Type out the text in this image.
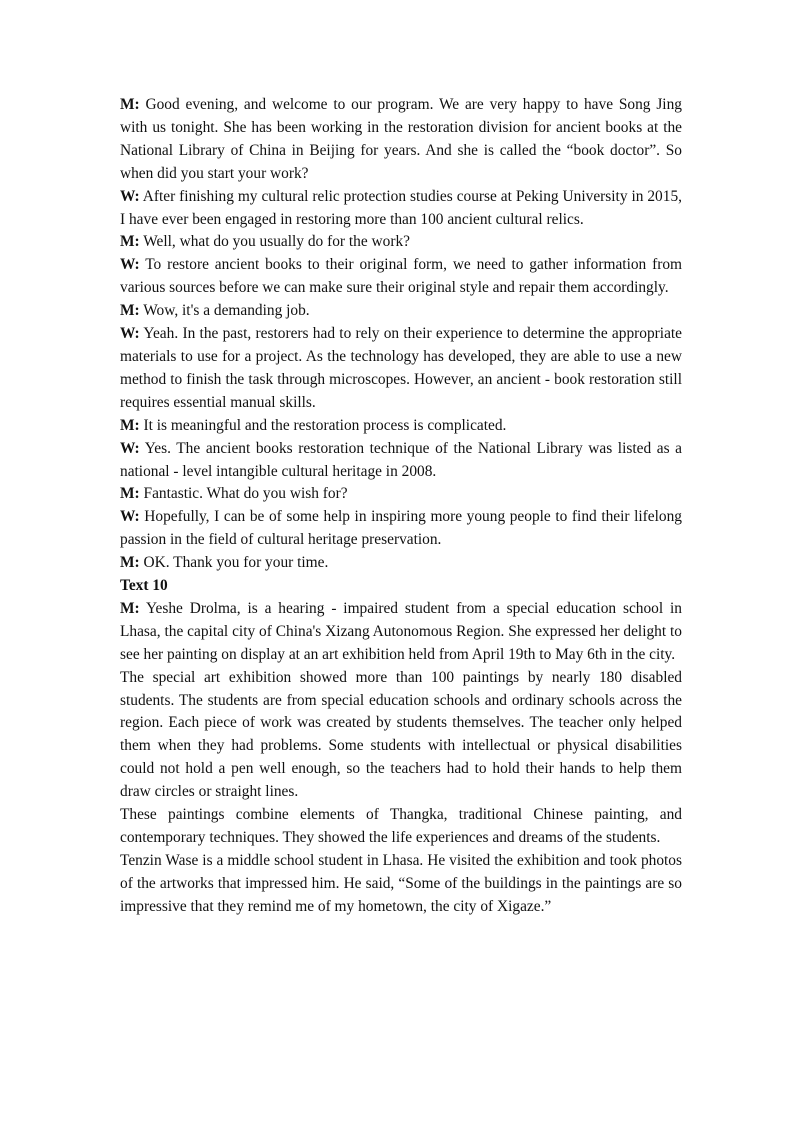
M: Good evening, and welcome to our program. We are very happy to have Song Jing with us tonight. She has been working in the restoration division for ancient books at the National Library of China in Beijing for years. And she is called the “book doctor”. So when did you start your work?

W: After finishing my cultural relic protection studies course at Peking University in 2015, I have ever been engaged in restoring more than 100 ancient cultural relics.

M: Well, what do you usually do for the work?

W: To restore ancient books to their original form, we need to gather information from various sources before we can make sure their original style and repair them accordingly.

M: Wow, it's a demanding job.

W: Yeah. In the past, restorers had to rely on their experience to determine the appropriate materials to use for a project. As the technology has developed, they are able to use a new method to finish the task through microscopes. However, an ancient - book restoration still requires essential manual skills.

M: It is meaningful and the restoration process is complicated.

W: Yes. The ancient books restoration technique of the National Library was listed as a national - level intangible cultural heritage in 2008.

M: Fantastic. What do you wish for?

W: Hopefully, I can be of some help in inspiring more young people to find their lifelong passion in the field of cultural heritage preservation.

M: OK. Thank you for your time.

Text 10

M: Yeshe Drolma, is a hearing - impaired student from a special education school in Lhasa, the capital city of China's Xizang Autonomous Region. She expressed her delight to see her painting on display at an art exhibition held from April 19th to May 6th in the city.

The special art exhibition showed more than 100 paintings by nearly 180 disabled students. The students are from special education schools and ordinary schools across the region. Each piece of work was created by students themselves. The teacher only helped them when they had problems. Some students with intellectual or physical disabilities could not hold a pen well enough, so the teachers had to hold their hands to help them draw circles or straight lines.

These paintings combine elements of Thangka, traditional Chinese painting, and contemporary techniques. They showed the life experiences and dreams of the students.

Tenzin Wase is a middle school student in Lhasa. He visited the exhibition and took photos of the artworks that impressed him. He said, “Some of the buildings in the paintings are so impressive that they remind me of my hometown, the city of Xigaze.”
